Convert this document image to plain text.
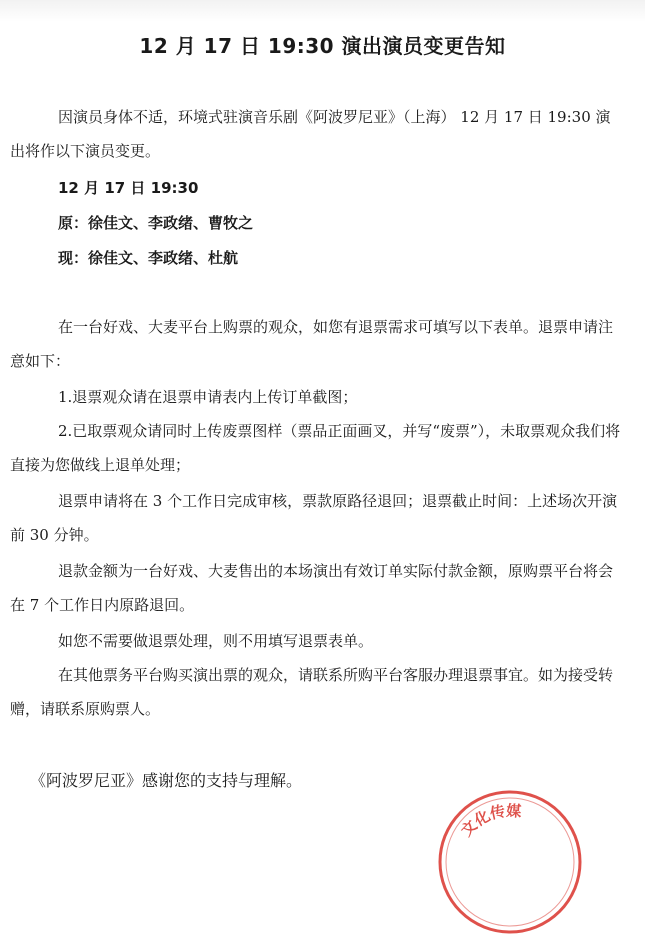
12 月 17 日 19:30 演出演员变更告知

因演员身体不适，环境式驻演音乐剧《阿波罗尼亚》（上海） 12 月 17 日 19:30 演出将作以下演员变更。

12 月 17 日 19:30
原：徐佳文、李政绪、曹牧之
现：徐佳文、李政绪、杜航

在一台好戏、大麦平台上购票的观众，如您有退票需求可填写以下表单。退票申请注意如下：

1.退票观众请在退票申请表内上传订单截图；

2.已取票观众请同时上传废票图样（票品正面画叉，并写“废票”），未取票观众我们将直接为您做线上退单处理；

退票申请将在 3 个工作日完成审核，票款原路径退回；退票截止时间：上述场次开演前 30 分钟。

退款金额为一台好戏、大麦售出的本场演出有效订单实际付款金额，原购票平台将会在 7 个工作日内原路退回。

如您不需要做退票处理，则不用填写退票表单。

在其他票务平台购买演出票的观众，请联系所购平台客服办理退票事宜。如为接受转赠，请联系原购票人。

《阿波罗尼亚》感谢您的支持与理解。

文化传媒
